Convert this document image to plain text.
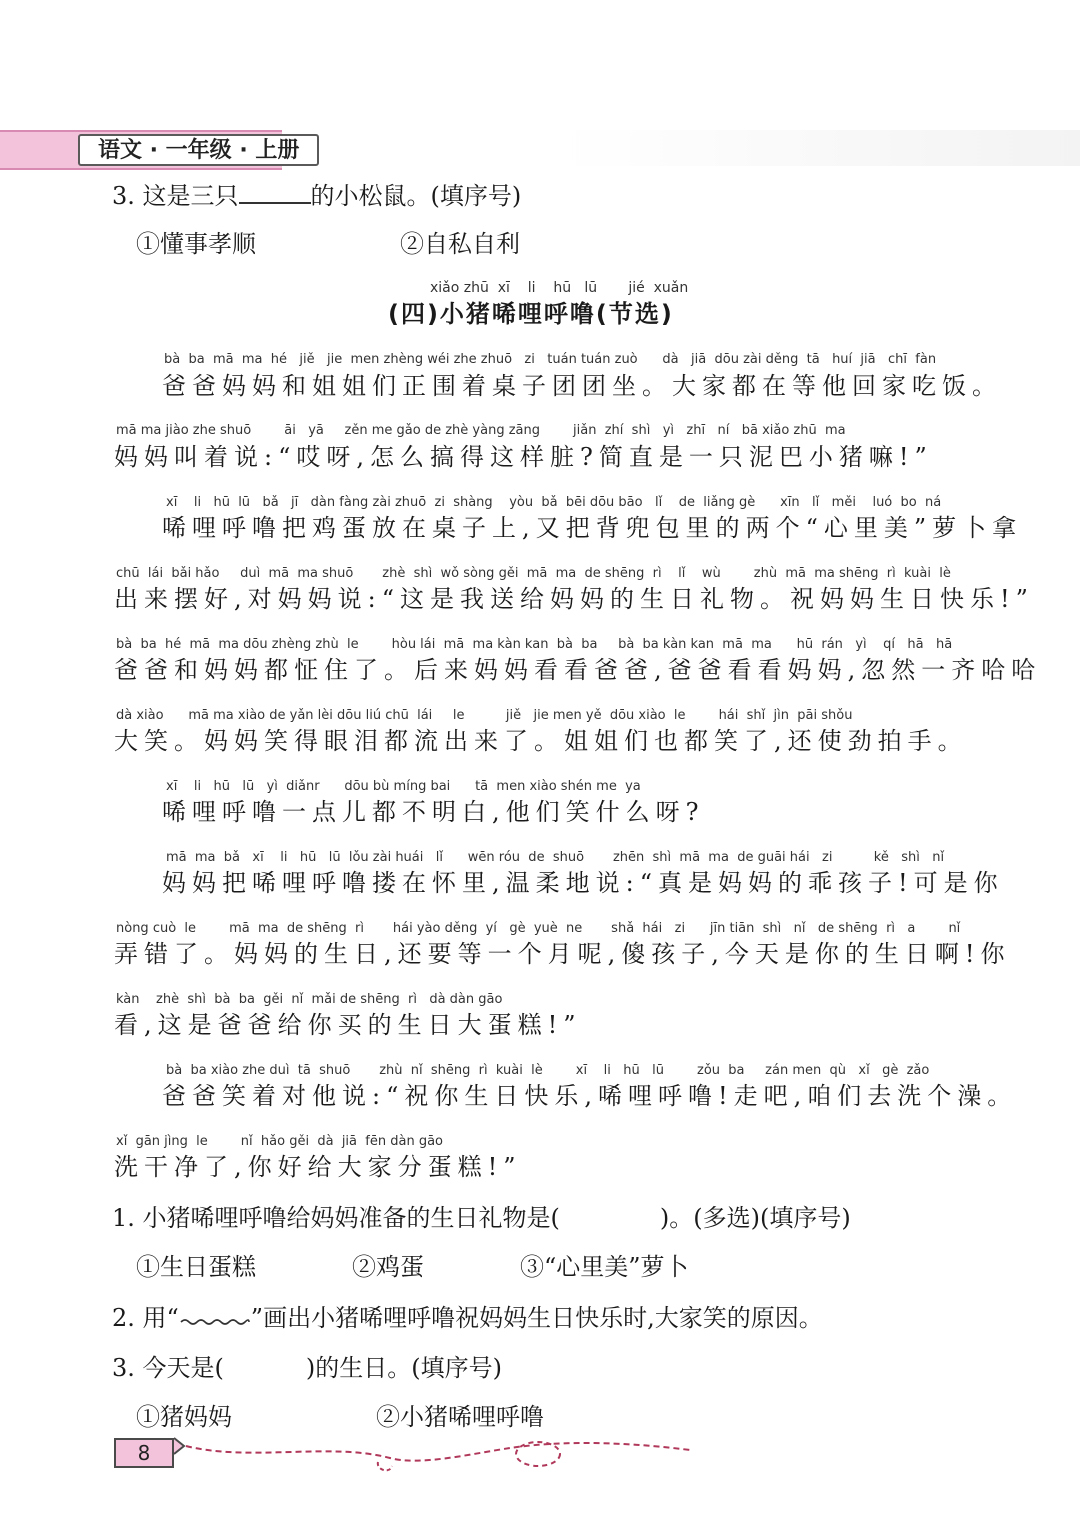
语文 · 一年级 · 上册
3. 这是三只	的小松鼠。(填序号)
①懂事孝顺	②自私自利
xiǎo zhū  xī    li    hū   lū       jié  xuǎn
(四)小猪唏哩呼噜(节选)
bà  ba  mā  ma  hé   jiě   jie  men zhèng wéi zhe zhuō   zi   tuán tuán zuò      dà   jiā  dōu zài děng  tā   huí  jiā   chī  fàn
爸爸妈妈和姐姐们正围着桌子团团坐。大家都在等他回家吃饭。
mā ma jiào zhe shuō        āi   yā     zěn me gǎo de zhè yàng zāng        jiǎn  zhí  shì   yì   zhī   ní   bā xiǎo zhū  ma
妈妈叫着说:“哎呀,怎么搞得这样脏?简直是一只泥巴小猪嘛!”
xī    li   hū  lū   bǎ   jī   dàn fàng zài zhuō  zi  shàng    yòu  bǎ  bēi dōu bāo   lǐ    de  liǎng gè      xīn   lǐ   měi    luó  bo  ná
唏哩呼噜把鸡蛋放在桌子上,又把背兜包里的两个“心里美”萝卜拿
chū  lái  bǎi hǎo     duì  mā  ma shuō       zhè  shì  wǒ sòng gěi  mā  ma  de shēng  rì    lǐ    wù        zhù  mā  ma shēng  rì  kuài  lè
出来摆好,对妈妈说:“这是我送给妈妈的生日礼物。祝妈妈生日快乐!”
bà  ba  hé  mā  ma dōu zhèng zhù  le        hòu lái  mā  ma kàn kan  bà  ba     bà  ba kàn kan  mā  ma      hū  rán   yì    qí   hā   hā
爸爸和妈妈都怔住了。后来妈妈看看爸爸,爸爸看看妈妈,忽然一齐哈哈
dà xiào      mā ma xiào de yǎn lèi dōu liú chū  lái     le          jiě   jie men yě  dōu xiào  le        hái  shǐ  jìn  pāi shǒu
大笑。妈妈笑得眼泪都流出来了。姐姐们也都笑了,还使劲拍手。
xī    li   hū   lū   yì  diǎnr      dōu bù míng bai      tā  men xiào shén me  ya
唏哩呼噜一点儿都不明白,他们笑什么呀?
mā  ma  bǎ   xī    li   hū   lū  lǒu zài huái   lǐ      wēn róu  de  shuō       zhēn  shì  mā  ma  de guāi hái   zi          kě   shì   nǐ
妈妈把唏哩呼噜搂在怀里,温柔地说:“真是妈妈的乖孩子!可是你
nòng cuò  le        mā  ma  de shēng  rì       hái yào děng  yí   gè  yuè  ne       shǎ  hái   zi      jīn tiān  shì   nǐ   de shēng  rì   a        nǐ
弄错了。妈妈的生日,还要等一个月呢,傻孩子,今天是你的生日啊!你
kàn    zhè  shì  bà  ba  gěi  nǐ  mǎi de shēng  rì   dà dàn gāo
看,这是爸爸给你买的生日大蛋糕!”
bà  ba xiào zhe duì  tā  shuō       zhù  nǐ  shēng  rì  kuài  lè        xī    li   hū   lū        zǒu  ba     zán men  qù   xǐ   gè  zǎo
爸爸笑着对他说:“祝你生日快乐,唏哩呼噜!走吧,咱们去洗个澡。
xǐ  gān jìng  le        nǐ  hǎo gěi  dà  jiā  fēn dàn gāo
洗干净了,你好给大家分蛋糕!”
1. 小猪唏哩呼噜给妈妈准备的生日礼物是(	)。(多选)(填序号)
①生日蛋糕	②鸡蛋	③“心里美”萝卜
2. 用“	”画出小猪唏哩呼噜祝妈妈生日快乐时,大家笑的原因。
3. 今天是(	)的生日。(填序号)
①猪妈妈	②小猪唏哩呼噜
8
